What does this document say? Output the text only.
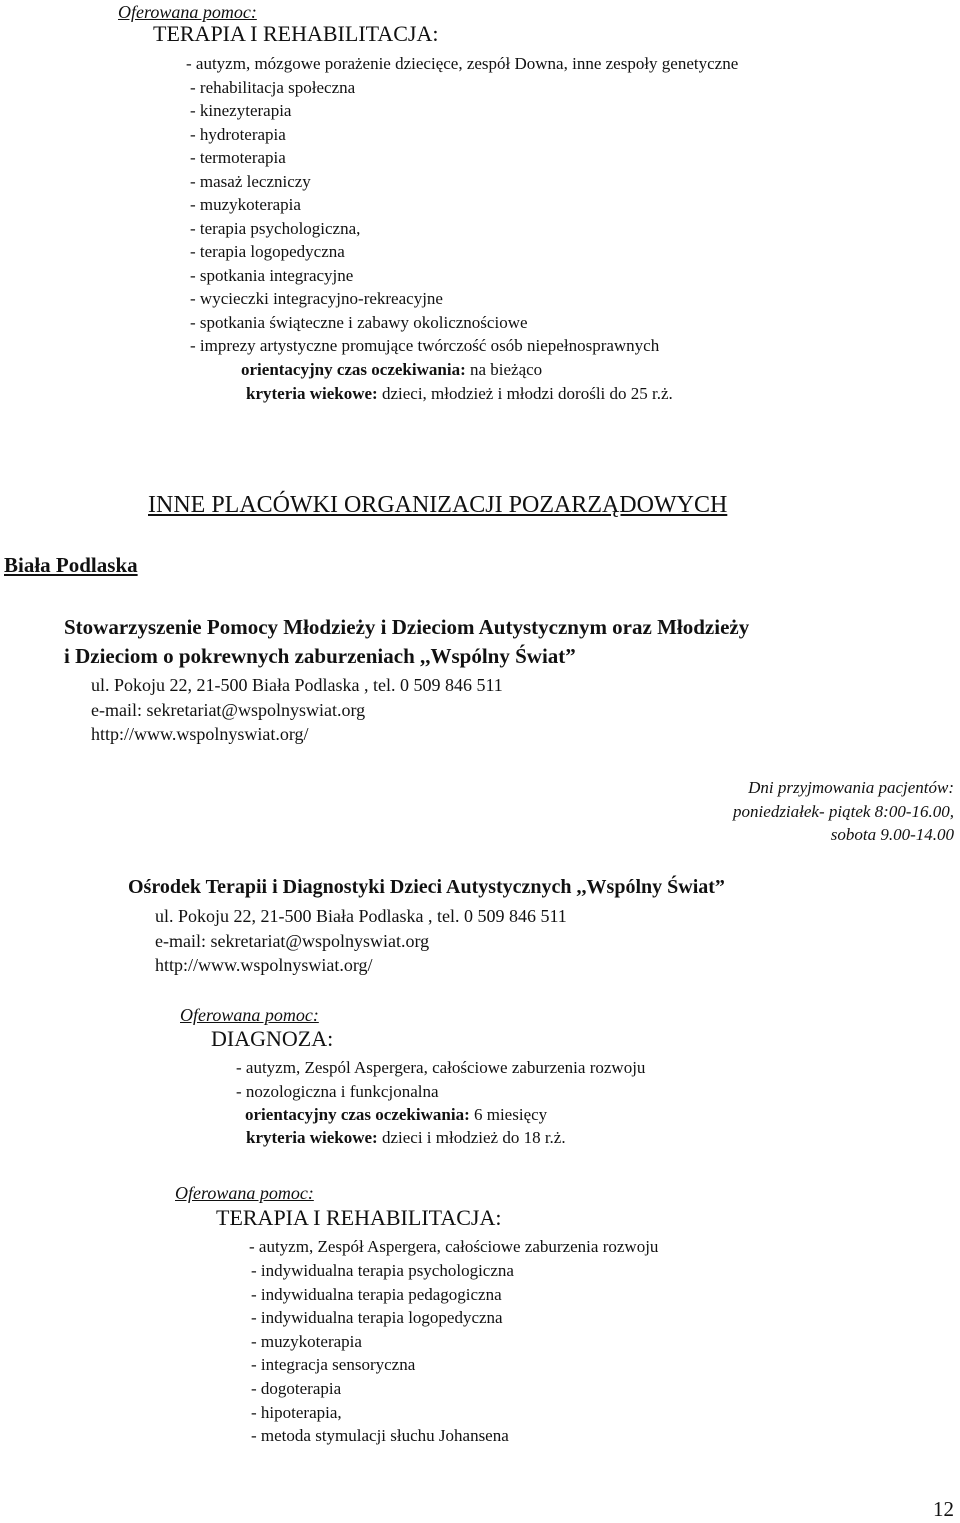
Oferowana pomoc:
TERAPIA I REHABILITACJA:
- autyzm, mózgowe porażenie dziecięce, zespół Downa, inne zespoły genetyczne
- rehabilitacja społeczna
- kinezyterapia
- hydroterapia
- termoterapia
- masaż leczniczy
- muzykoterapia
- terapia psychologiczna,
- terapia logopedyczna
- spotkania integracyjne
- wycieczki integracyjno-rekreacyjne
- spotkania świąteczne i zabawy okolicznościowe
- imprezy artystyczne promujące twórczość osób niepełnosprawnych
orientacyjny czas oczekiwania: na bieżąco
kryteria wiekowe: dzieci, młodzież i młodzi dorośli do 25 r.ż.
INNE PLACÓWKI ORGANIZACJI POZARZĄDOWYCH
Biała Podlaska
Stowarzyszenie Pomocy Młodzieży i Dzieciom Autystycznym oraz Młodzieży
i Dzieciom o pokrewnych zaburzeniach ,,Wspólny Świat”
ul. Pokoju 22, 21-500 Biała Podlaska , tel. 0 509 846 511
e-mail: sekretariat@wspolnyswiat.org
http://www.wspolnyswiat.org/
Dni przyjmowania pacjentów:
poniedziałek- piątek 8:00-16.00,
sobota 9.00-14.00
Ośrodek Terapii i Diagnostyki Dzieci Autystycznych ,,Wspólny Świat”
ul. Pokoju 22, 21-500 Biała Podlaska , tel. 0 509 846 511
e-mail: sekretariat@wspolnyswiat.org
http://www.wspolnyswiat.org/
Oferowana pomoc:
DIAGNOZA:
- autyzm, Zespól Aspergera, całościowe zaburzenia rozwoju
- nozologiczna i funkcjonalna
orientacyjny czas oczekiwania: 6 miesięcy
kryteria wiekowe: dzieci i młodzież do 18 r.ż.
Oferowana pomoc:
TERAPIA I REHABILITACJA:
- autyzm, Zespół Aspergera, całościowe zaburzenia rozwoju
- indywidualna terapia psychologiczna
- indywidualna terapia pedagogiczna
- indywidualna terapia logopedyczna
- muzykoterapia
- integracja sensoryczna
- dogoterapia
- hipoterapia,
- metoda stymulacji słuchu Johansena
12
